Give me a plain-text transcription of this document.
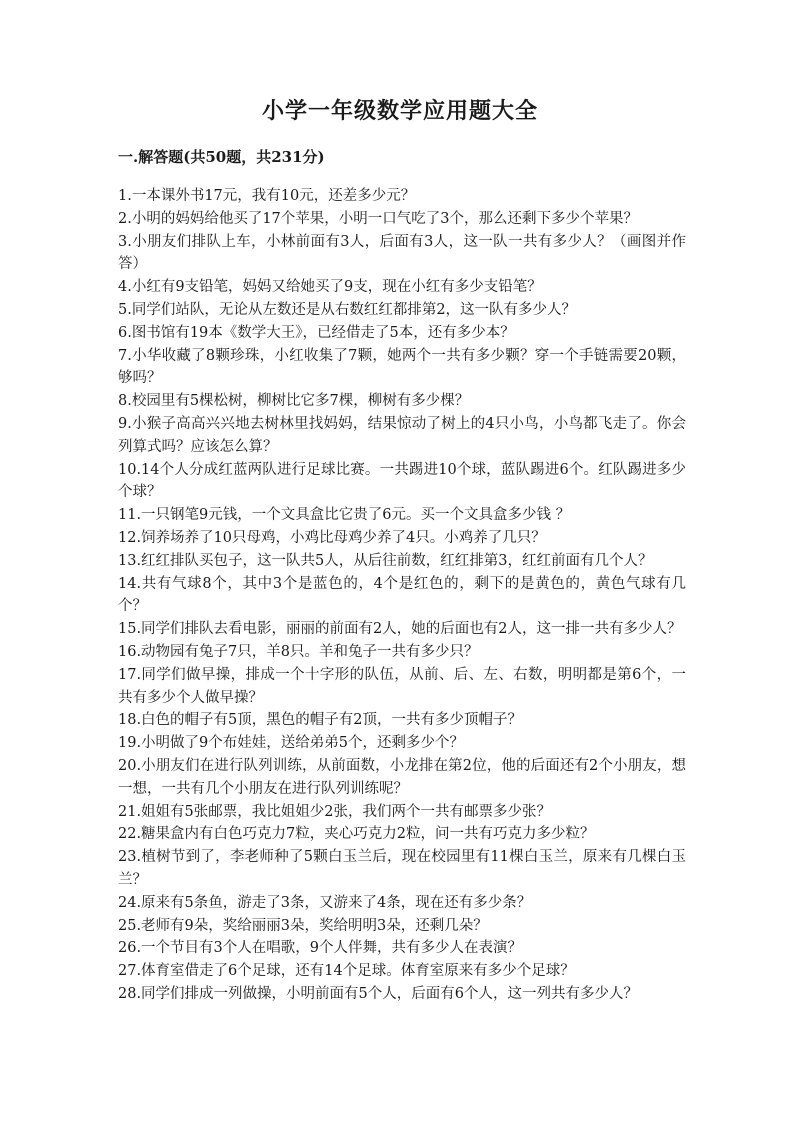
小学一年级数学应用题大全
一.解答题(共50题，共231分)
1.一本课外书17元，我有10元，还差多少元？
2.小明的妈妈给他买了17个苹果，小明一口气吃了3个，那么还剩下多少个苹果？
3.小朋友们排队上车，小林前面有3人，后面有3人，这一队一共有多少人？（画图并作答）
4.小红有9支铅笔，妈妈又给她买了9支，现在小红有多少支铅笔？
5.同学们站队，无论从左数还是从右数红红都排第2，这一队有多少人？
6.图书馆有19本《数学大王》，已经借走了5本，还有多少本？
7.小华收藏了8颗珍珠，小红收集了7颗，她两个一共有多少颗？穿一个手链需要20颗，够吗？
8.校园里有5棵松树，柳树比它多7棵，柳树有多少棵？
9.小猴子高高兴兴地去树林里找妈妈，结果惊动了树上的4只小鸟，小鸟都飞走了。你会列算式吗？应该怎么算？
10.14个人分成红蓝两队进行足球比赛。一共踢进10个球，蓝队踢进6个。红队踢进多少个球？
11.一只钢笔9元钱，一个文具盒比它贵了6元。买一个文具盒多少钱 ？
12.饲养场养了10只母鸡，小鸡比母鸡少养了4只。小鸡养了几只？
13.红红排队买包子，这一队共5人，从后往前数，红红排第3，红红前面有几个人？
14.共有气球8个，其中3个是蓝色的，4个是红色的，剩下的是黄色的，黄色气球有几个？
15.同学们排队去看电影，丽丽的前面有2人，她的后面也有2人，这一排一共有多少人？
16.动物园有兔子7只，羊8只。羊和兔子一共有多少只？
17.同学们做早操，排成一个十字形的队伍，从前、后、左、右数，明明都是第6个，一共有多少个人做早操？
18.白色的帽子有5顶，黑色的帽子有2顶，一共有多少顶帽子？
19.小明做了9个布娃娃，送给弟弟5个，还剩多少个？
20.小朋友们在进行队列训练，从前面数，小龙排在第2位，他的后面还有2个小朋友，想一想，一共有几个小朋友在进行队列训练呢？
21.姐姐有5张邮票，我比姐姐少2张，我们两个一共有邮票多少张？
22.糖果盒内有白色巧克力7粒，夹心巧克力2粒，问一共有巧克力多少粒？
23.植树节到了，李老师种了5颗白玉兰后，现在校园里有11棵白玉兰，原来有几棵白玉兰？
24.原来有5条鱼，游走了3条，又游来了4条，现在还有多少条？
25.老师有9朵，奖给丽丽3朵，奖给明明3朵，还剩几朵？
26.一个节目有3个人在唱歌，9个人伴舞，共有多少人在表演？
27.体育室借走了6个足球，还有14个足球。体育室原来有多少个足球？
28.同学们排成一列做操，小明前面有5个人，后面有6个人，这一列共有多少人？
